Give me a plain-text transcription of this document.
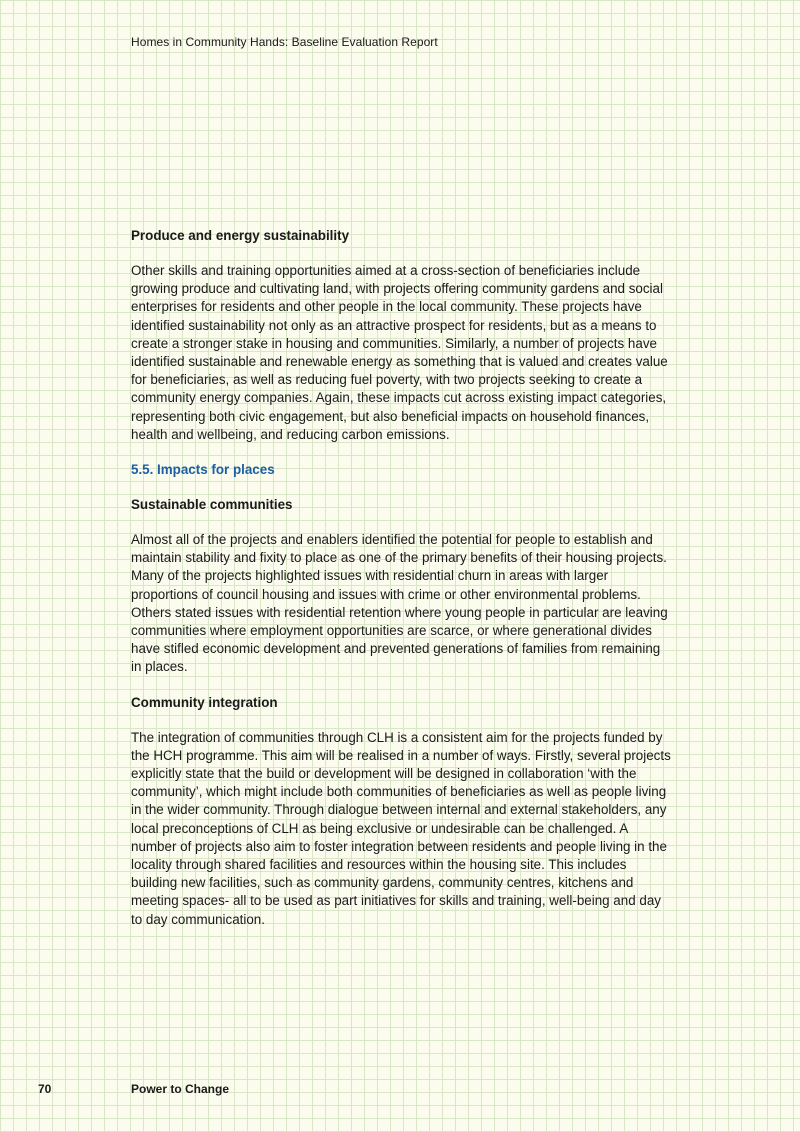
Homes in Community Hands: Baseline Evaluation Report

Produce and energy sustainability

Other skills and training opportunities aimed at a cross-section of beneficiaries include growing produce and cultivating land, with projects offering community gardens and social enterprises for residents and other people in the local community. These projects have identified sustainability not only as an attractive prospect for residents, but as a means to create a stronger stake in housing and communities. Similarly, a number of projects have identified sustainable and renewable energy as something that is valued and creates value for beneficiaries, as well as reducing fuel poverty, with two projects seeking to create a community energy companies. Again, these impacts cut across existing impact categories, representing both civic engagement, but also beneficial impacts on household finances, health and wellbeing, and reducing carbon emissions.

5.5. Impacts for places

Sustainable communities

Almost all of the projects and enablers identified the potential for people to establish and maintain stability and fixity to place as one of the primary benefits of their housing projects. Many of the projects highlighted issues with residential churn in areas with larger proportions of council housing and issues with crime or other environmental problems. Others stated issues with residential retention where young people in particular are leaving communities where employment opportunities are scarce, or where generational divides have stifled economic development and prevented generations of families from remaining in places.

Community integration

The integration of communities through CLH is a consistent aim for the projects funded by the HCH programme. This aim will be realised in a number of ways. Firstly, several projects explicitly state that the build or development will be designed in collaboration ‘with the community’, which might include both communities of beneficiaries as well as people living in the wider community. Through dialogue between internal and external stakeholders, any local preconceptions of CLH as being exclusive or undesirable can be challenged. A number of projects also aim to foster integration between residents and people living in the locality through shared facilities and resources within the housing site. This includes building new facilities, such as community gardens, community centres, kitchens and meeting spaces- all to be used as part initiatives for skills and training, well-being and day to day communication.

70	Power to Change
